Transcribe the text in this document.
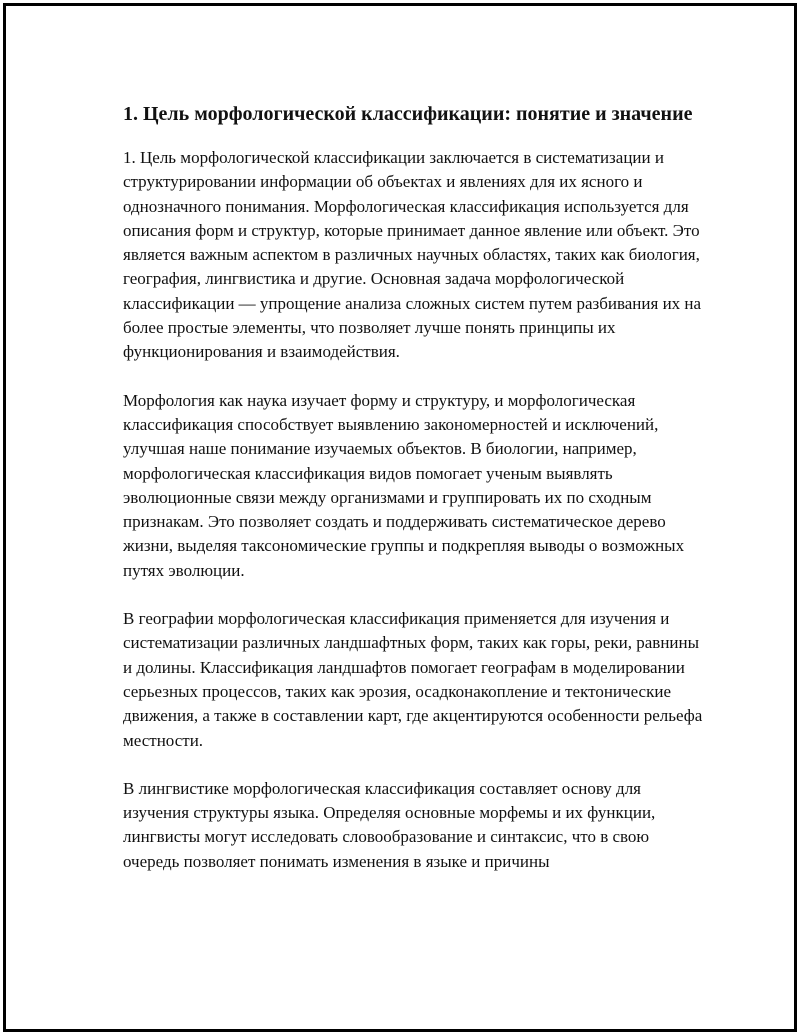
1. Цель морфологической классификации: понятие и значение

1. Цель морфологической классификации заключается в систематизации и структурировании информации об объектах и явлениях для их ясного и однозначного понимания. Морфологическая классификация используется для описания форм и структур, которые принимает данное явление или объект. Это является важным аспектом в различных научных областях, таких как биология, география, лингвистика и другие. Основная задача морфологической классификации — упрощение анализа сложных систем путем разбивания их на более простые элементы, что позволяет лучше понять принципы их функционирования и взаимодействия.

Морфология как наука изучает форму и структуру, и морфологическая классификация способствует выявлению закономерностей и исключений, улучшая наше понимание изучаемых объектов. В биологии, например, морфологическая классификация видов помогает ученым выявлять эволюционные связи между организмами и группировать их по сходным признакам. Это позволяет создать и поддерживать систематическое дерево жизни, выделяя таксономические группы и подкрепляя выводы о возможных путях эволюции.

В географии морфологическая классификация применяется для изучения и систематизации различных ландшафтных форм, таких как горы, реки, равнины и долины. Классификация ландшафтов помогает географам в моделировании серьезных процессов, таких как эрозия, осадконакопление и тектонические движения, а также в составлении карт, где акцентируются особенности рельефа местности.

В лингвистике морфологическая классификация составляет основу для изучения структуры языка. Определяя основные морфемы и их функции, лингвисты могут исследовать словообразование и синтаксис, что в свою очередь позволяет понимать изменения в языке и причины
